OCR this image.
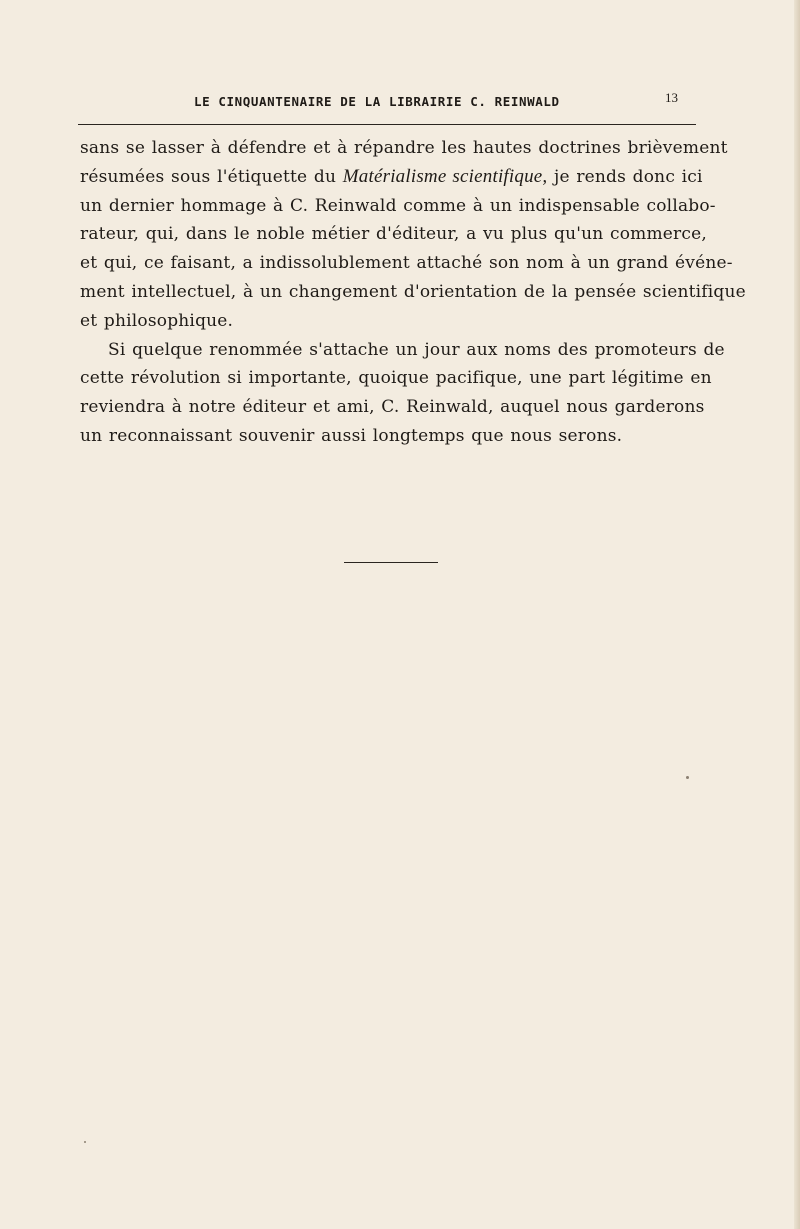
LE CINQUANTENAIRE DE LA LIBRAIRIE C. REINWALD	13
sans se lasser à défendre et à répandre les hautes doctrines brièvement
résumées sous l'étiquette du Matérialisme scientifique, je rends donc ici
un dernier hommage à C. Reinwald comme à un indispensable collabo-
rateur, qui, dans le noble métier d'éditeur, a vu plus qu'un commerce,
et qui, ce faisant, a indissolublement attaché son nom à un grand événe-
ment intellectuel, à un changement d'orientation de la pensée scientifique
et philosophique.
Si quelque renommée s'attache un jour aux noms des promoteurs de
cette révolution si importante, quoique pacifique, une part légitime en
reviendra à notre éditeur et ami, C. Reinwald, auquel nous garderons
un reconnaissant souvenir aussi longtemps que nous serons.
